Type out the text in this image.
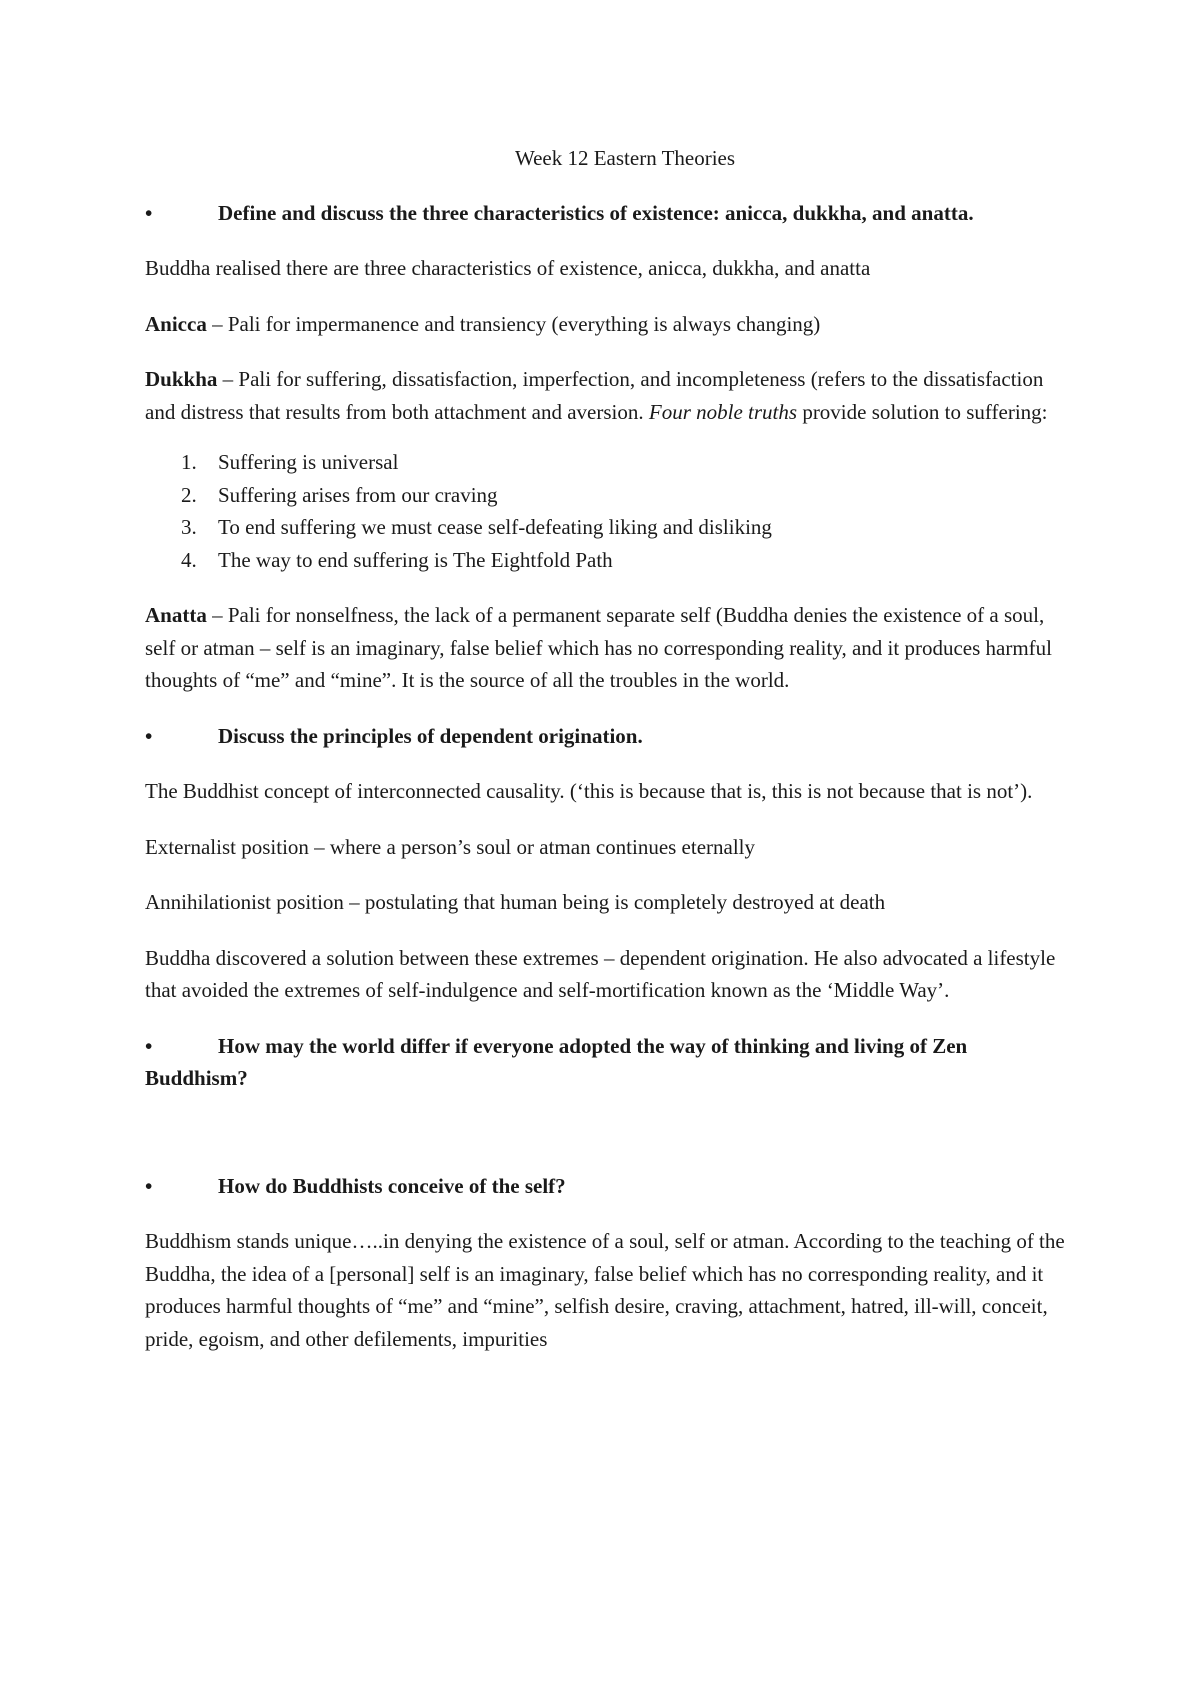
Week 12 Eastern Theories
•	Define and discuss the three characteristics of existence: anicca, dukkha, and anatta.

Buddha realised there are three characteristics of existence, anicca, dukkha, and anatta

Anicca – Pali for impermanence and transiency (everything is always changing)

Dukkha – Pali for suffering, dissatisfaction, imperfection, and incompleteness (refers to the dissatisfaction and distress that results from both attachment and aversion. Four noble truths provide solution to suffering:

1. Suffering is universal
2. Suffering arises from our craving
3. To end suffering we must cease self-defeating liking and disliking
4. The way to end suffering is The Eightfold Path

Anatta – Pali for nonselfness, the lack of a permanent separate self (Buddha denies the existence of a soul, self or atman – self is an imaginary, false belief which has no corresponding reality, and it produces harmful thoughts of “me” and “mine”. It is the source of all the troubles in the world.

•	Discuss the principles of dependent origination.

The Buddhist concept of interconnected causality. (‘this is because that is, this is not because that is not’).

Externalist position – where a person’s soul or atman continues eternally

Annihilationist position – postulating that human being is completely destroyed at death

Buddha discovered a solution between these extremes – dependent origination. He also advocated a lifestyle that avoided the extremes of self-indulgence and self-mortification known as the ‘Middle Way’.

•	How may the world differ if everyone adopted the way of thinking and living of Zen Buddhism?
•	How do Buddhists conceive of the self?

Buddhism stands unique…..in denying the existence of a soul, self or atman. According to the teaching of the Buddha, the idea of a [personal] self is an imaginary, false belief which has no corresponding reality, and it produces harmful thoughts of “me” and “mine”, selfish desire, craving, attachment, hatred, ill-will, conceit, pride, egoism, and other defilements, impurities
